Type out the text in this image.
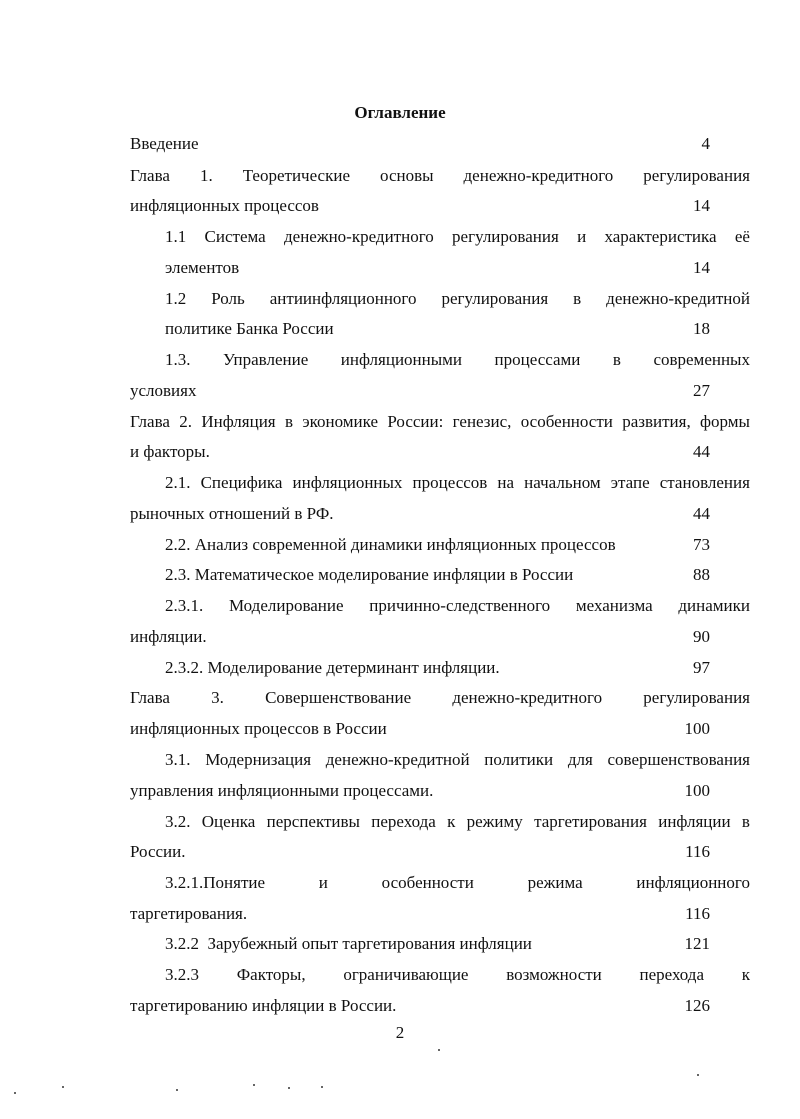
Оглавление
Введение	4
Глава 1. Теоретические основы денежно-кредитного регулирования
инфляционных процессов	14
1.1 Система денежно-кредитного регулирования и характеристика её
элементов	14
1.2 Роль антиинфляционного регулирования в денежно-кредитной
политике Банка России	18
1.3. Управление инфляционными процессами в современных
условиях	27
Глава 2. Инфляция в экономике России: генезис, особенности развития, формы
и факторы.	44
2.1. Специфика инфляционных процессов на начальном этапе становления
рыночных отношений в РФ.	44
2.2. Анализ современной динамики инфляционных процессов	73
2.3. Математическое моделирование инфляции в России	88
2.3.1. Моделирование причинно-следственного механизма динамики
инфляции.	90
2.3.2. Моделирование детерминант инфляции.	97
Глава 3. Совершенствование денежно-кредитного регулирования
инфляционных процессов в России	100
3.1. Модернизация денежно-кредитной политики для совершенствования
управления инфляционными процессами.	100
3.2. Оценка перспективы перехода к режиму таргетирования инфляции в
России.	116
3.2.1.Понятие	и	особенности	режима	инфляционного
таргетирования.	116
3.2.2  Зарубежный опыт таргетирования инфляции	121
3.2.3 Факторы, ограничивающие возможности перехода к
таргетированию инфляции в России.	126
2
